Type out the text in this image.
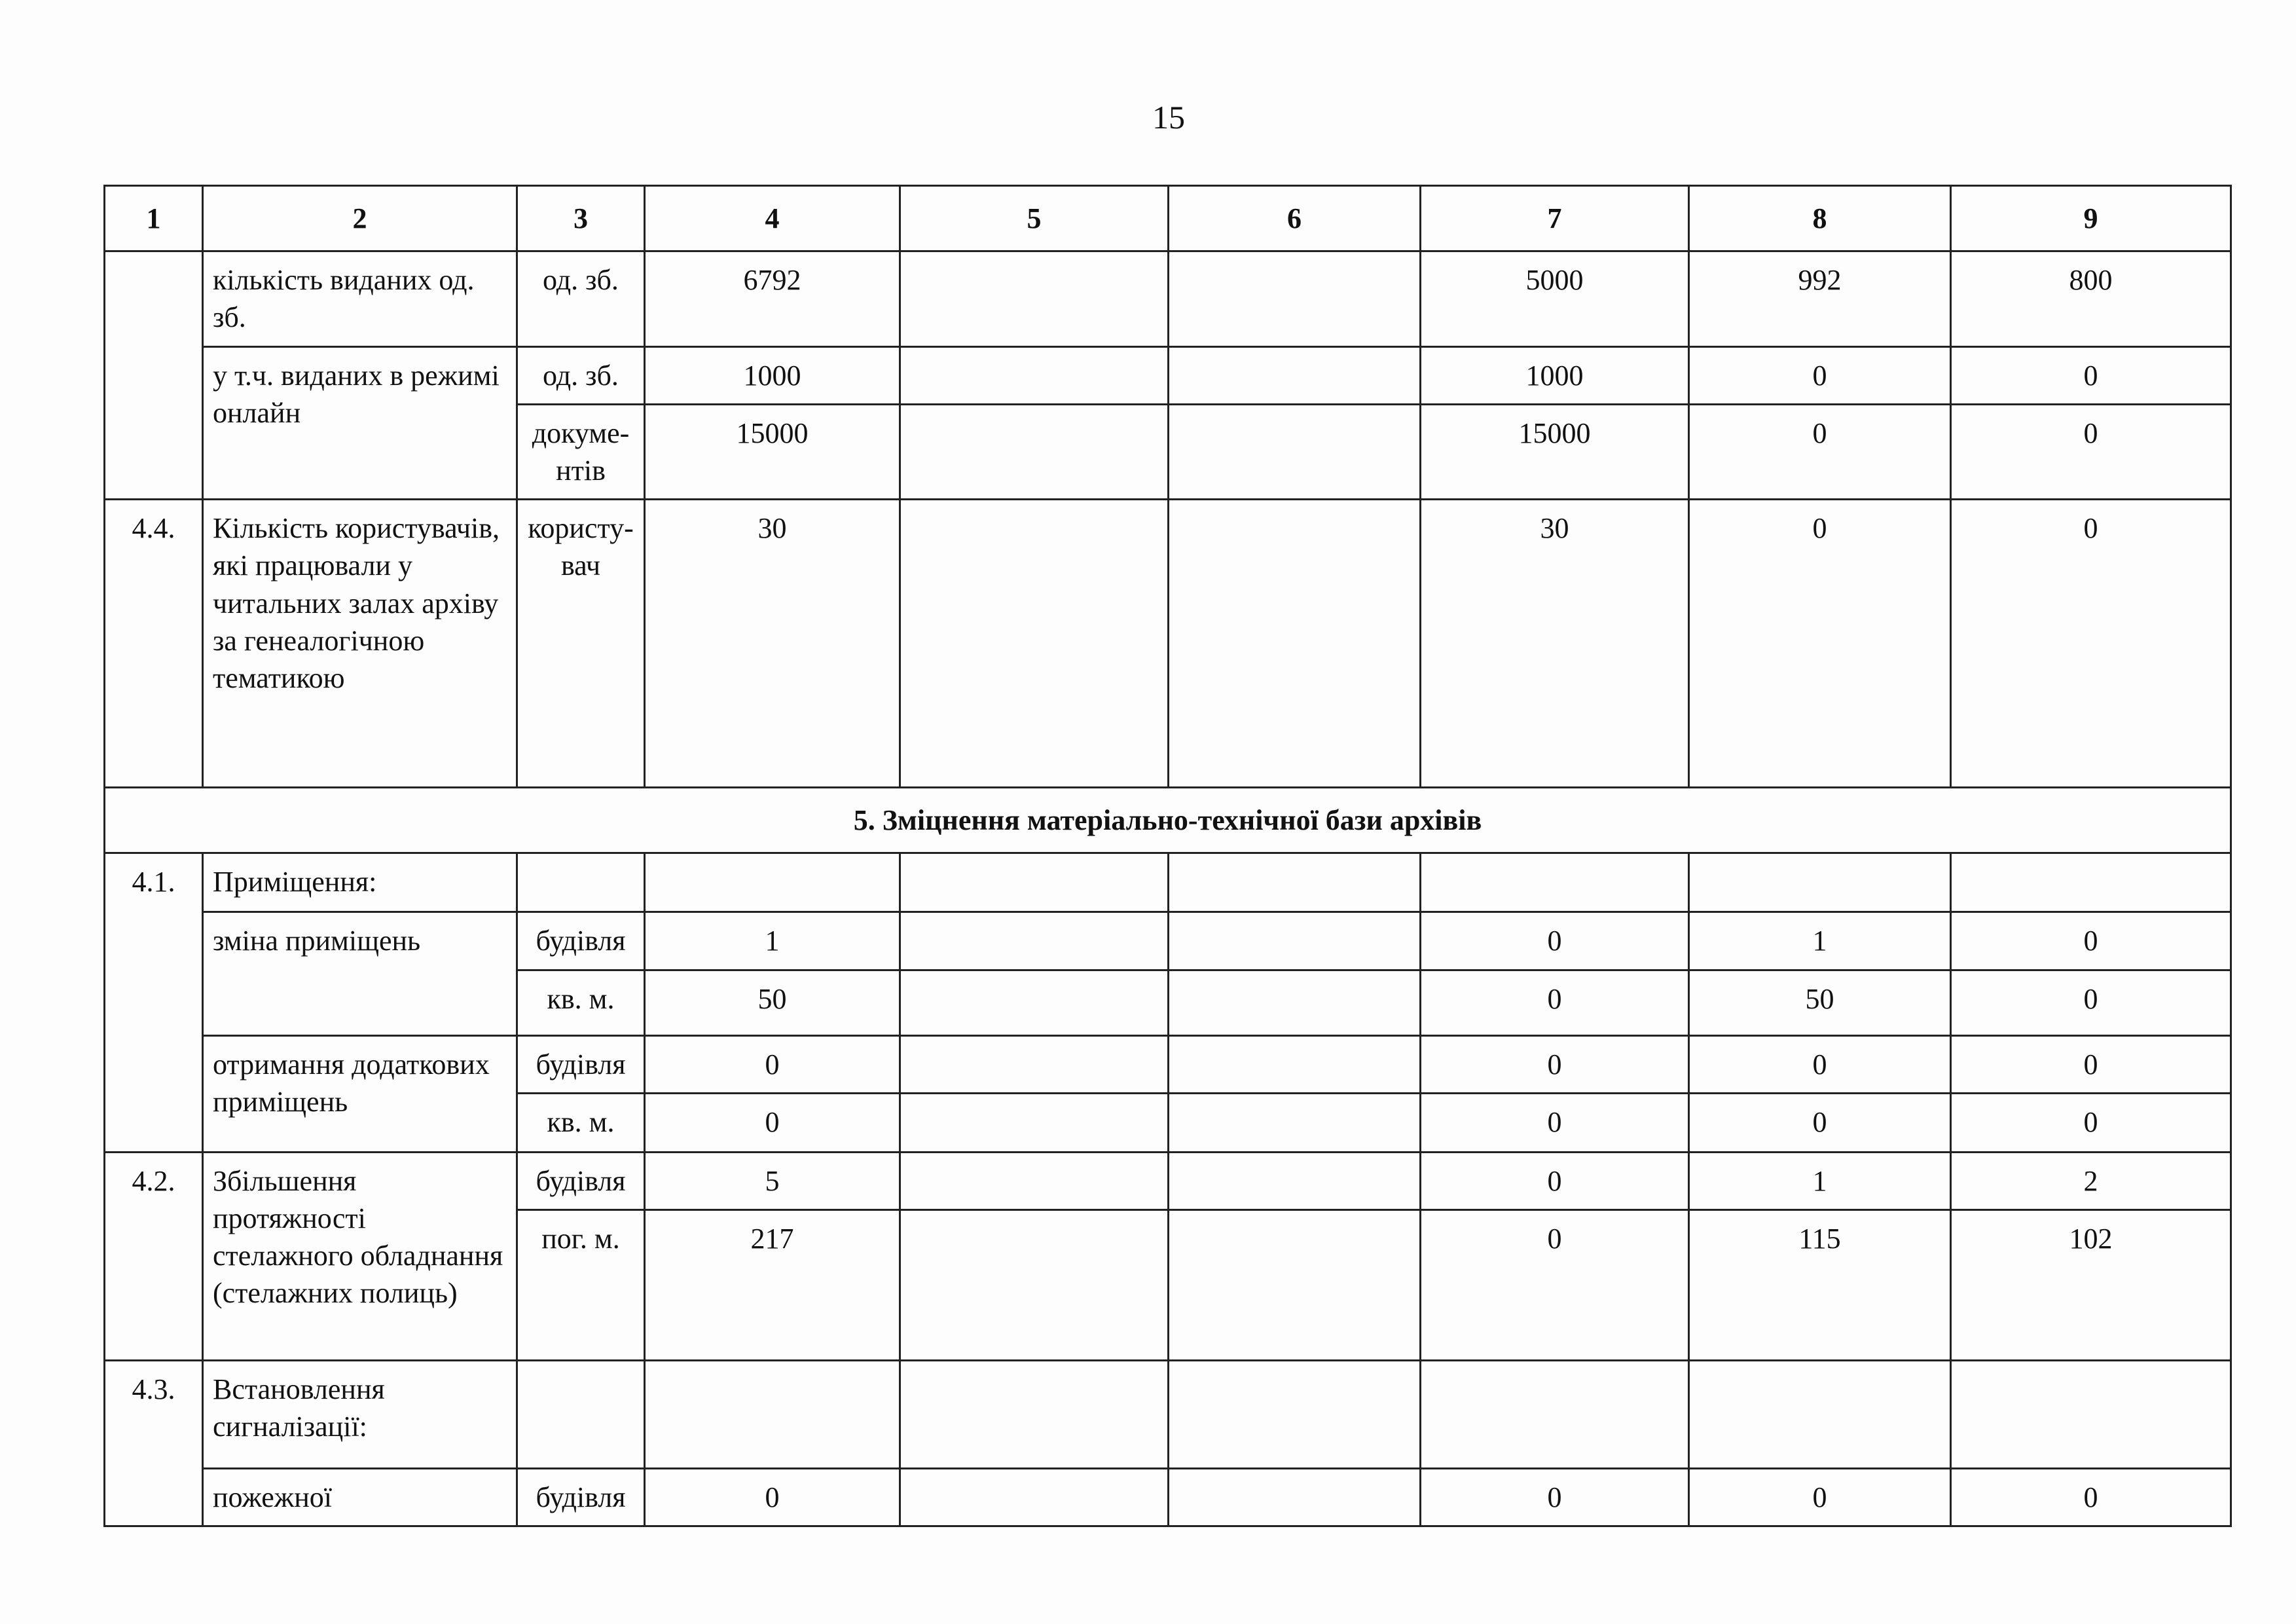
15
1	2	3	4	5	6	7	8	9
	кількість виданих од. зб.	од. зб.	6792			5000	992	800
	у т.ч. виданих в режимі онлайн	од. зб.	1000			1000	0	0
		докуме-нтів	15000			15000	0	0
4.4.	Кількість користувачів, які працювали у читальних залах архіву за генеалогічною тематикою	користу-вач	30			30	0	0
5. Зміцнення матеріально-технічної бази архівів								
4.1.	Приміщення:							
	зміна приміщень	будівля	1			0	1	0
		кв. м.	50			0	50	0
	отримання додаткових приміщень	будівля	0			0	0	0
		кв. м.	0			0	0	0
4.2.	Збільшення протяжності стелажного обладнання (стелажних полиць)	будівля	5			0	1	2
		пог. м.	217			0	115	102
4.3.	Встановлення сигналізації:							
	пожежної	будівля	0			0	0	0
